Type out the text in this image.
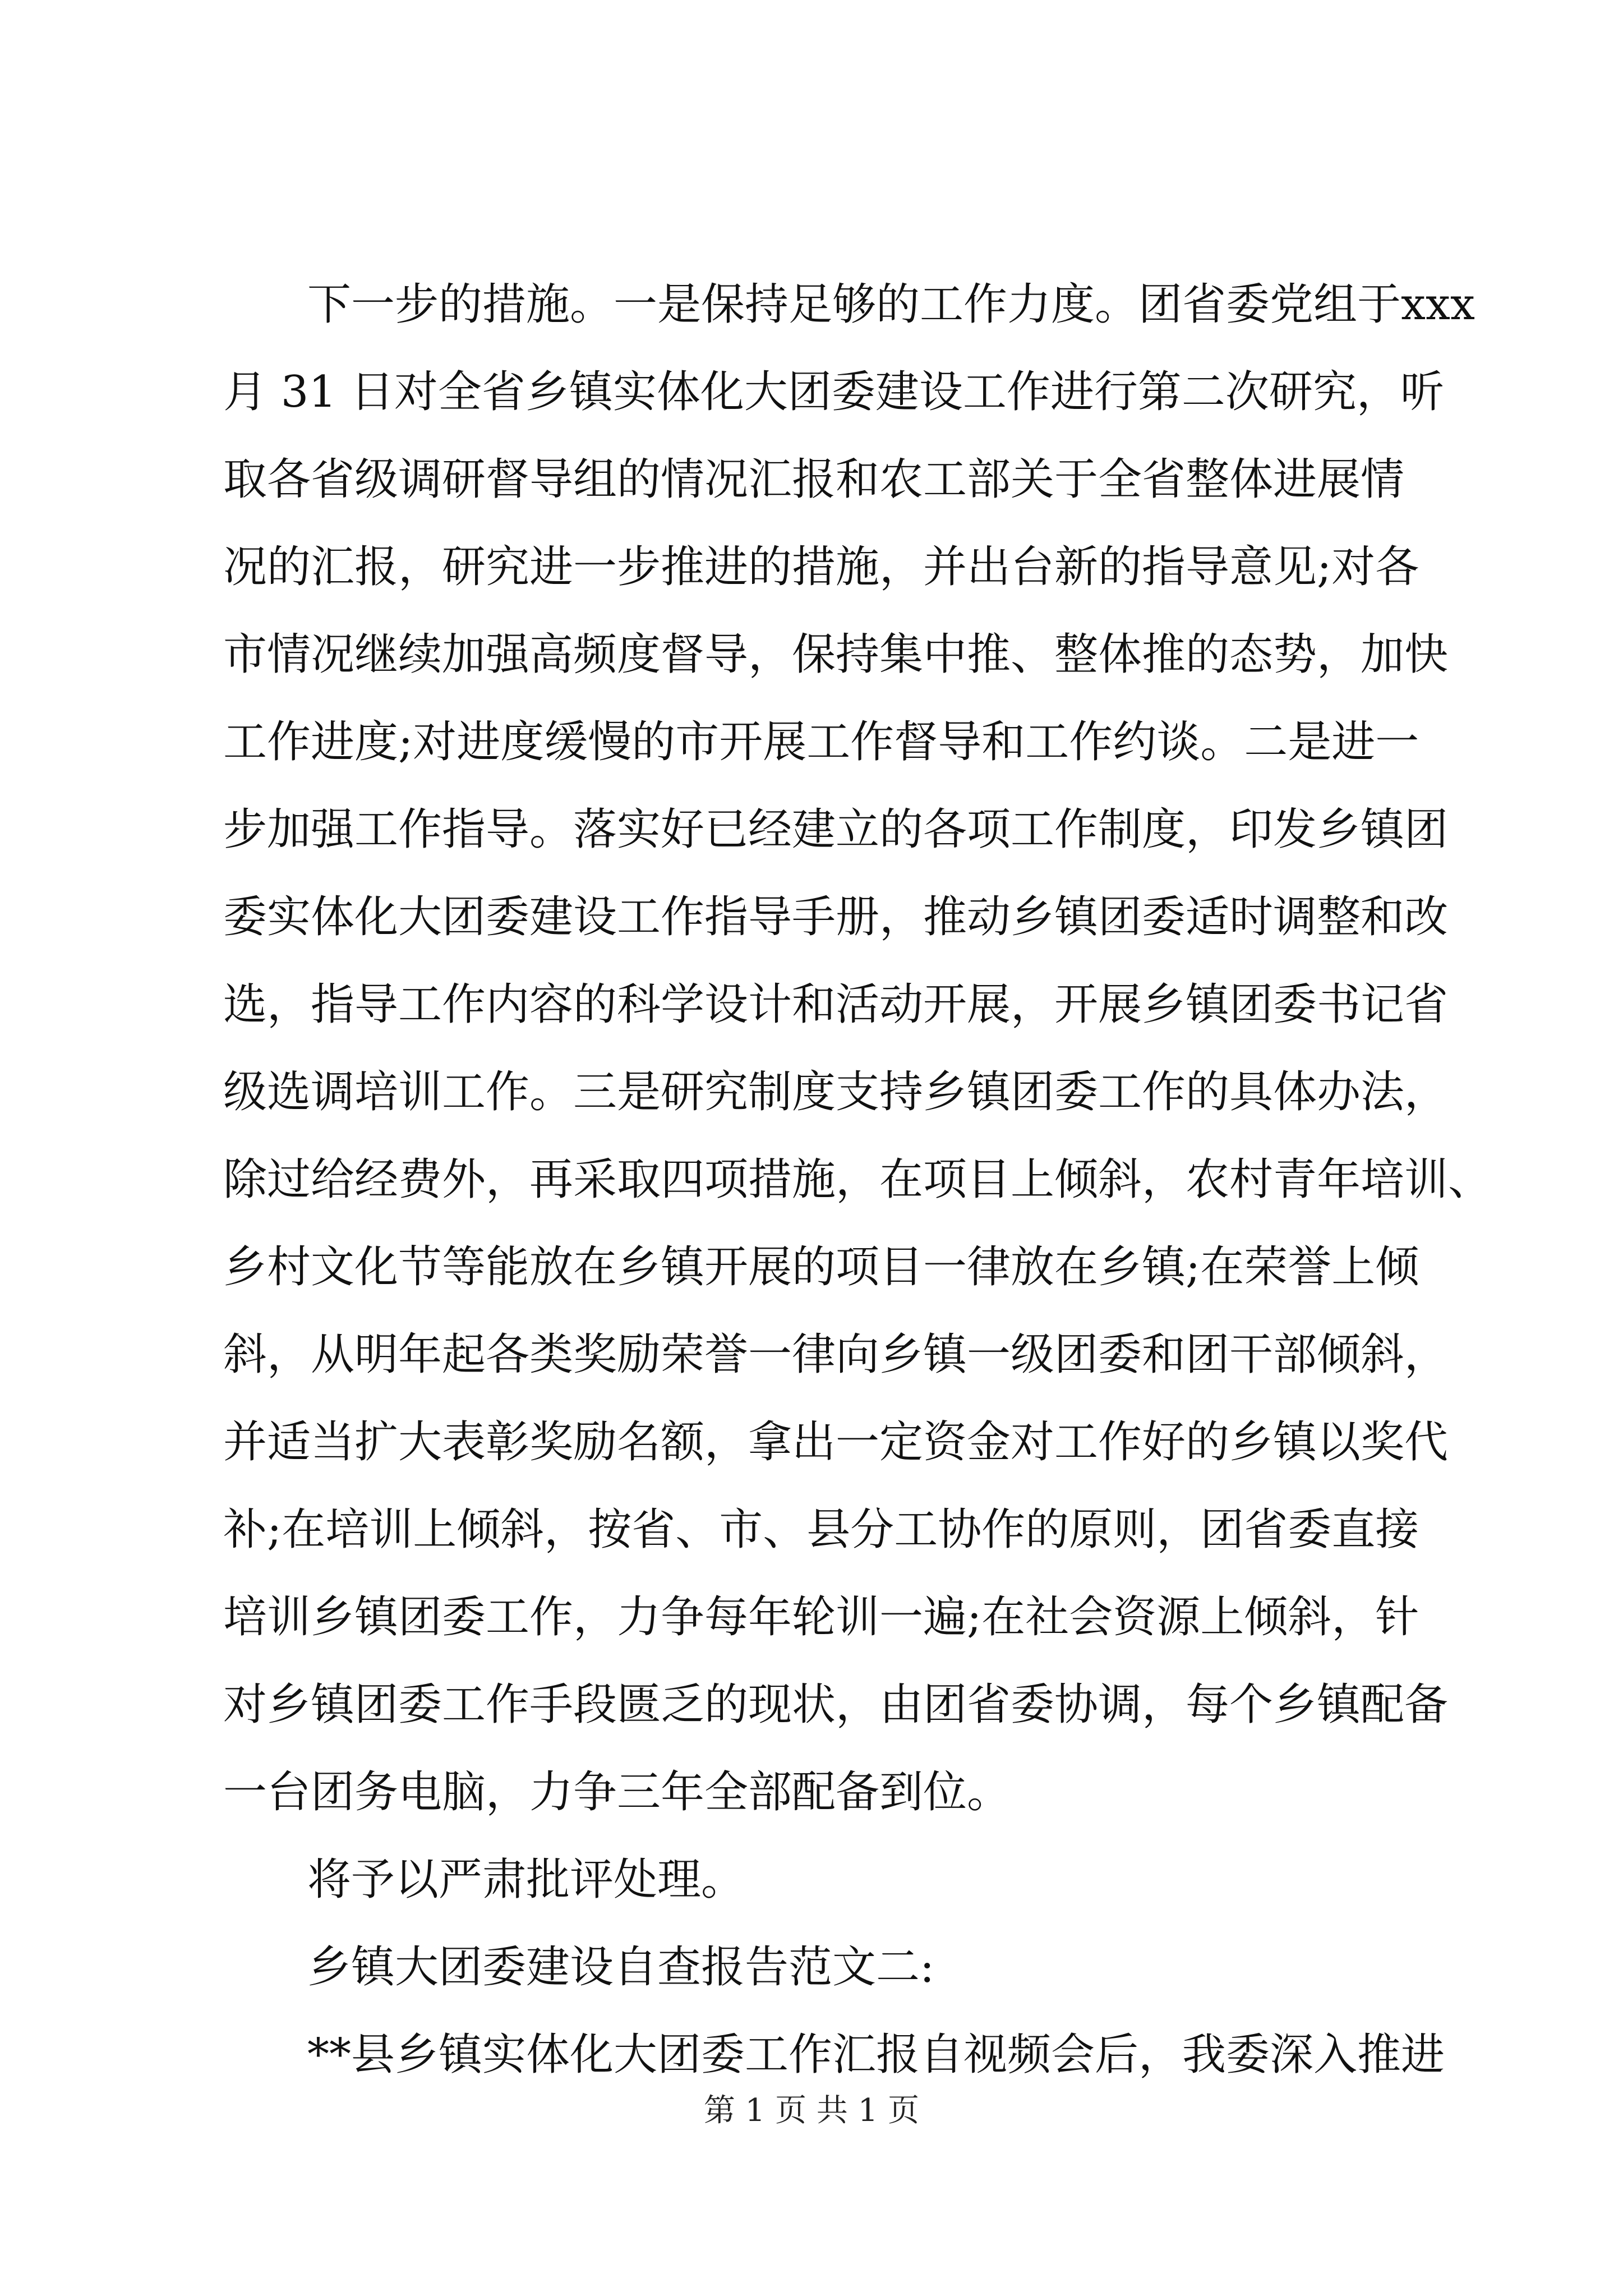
下一步的措施。一是保持足够的工作力度。团省委党组于xxx
月 31 日对全省乡镇实体化大团委建设工作进行第二次研究，听
取各省级调研督导组的情况汇报和农工部关于全省整体进展情
况的汇报，研究进一步推进的措施，并出台新的指导意见;对各
市情况继续加强高频度督导，保持集中推、整体推的态势，加快
工作进度;对进度缓慢的市开展工作督导和工作约谈。二是进一
步加强工作指导。落实好已经建立的各项工作制度，印发乡镇团
委实体化大团委建设工作指导手册，推动乡镇团委适时调整和改
选，指导工作内容的科学设计和活动开展，开展乡镇团委书记省
级选调培训工作。三是研究制度支持乡镇团委工作的具体办法，
除过给经费外，再采取四项措施，在项目上倾斜，农村青年培训、
乡村文化节等能放在乡镇开展的项目一律放在乡镇;在荣誉上倾
斜，从明年起各类奖励荣誉一律向乡镇一级团委和团干部倾斜，
并适当扩大表彰奖励名额，拿出一定资金对工作好的乡镇以奖代
补;在培训上倾斜，按省、市、县分工协作的原则，团省委直接
培训乡镇团委工作，力争每年轮训一遍;在社会资源上倾斜，针
对乡镇团委工作手段匮乏的现状，由团省委协调，每个乡镇配备
一台团务电脑，力争三年全部配备到位。
将予以严肃批评处理。
乡镇大团委建设自查报告范文二:
**县乡镇实体化大团委工作汇报自视频会后，我委深入推进
第 1 页 共 1 页
